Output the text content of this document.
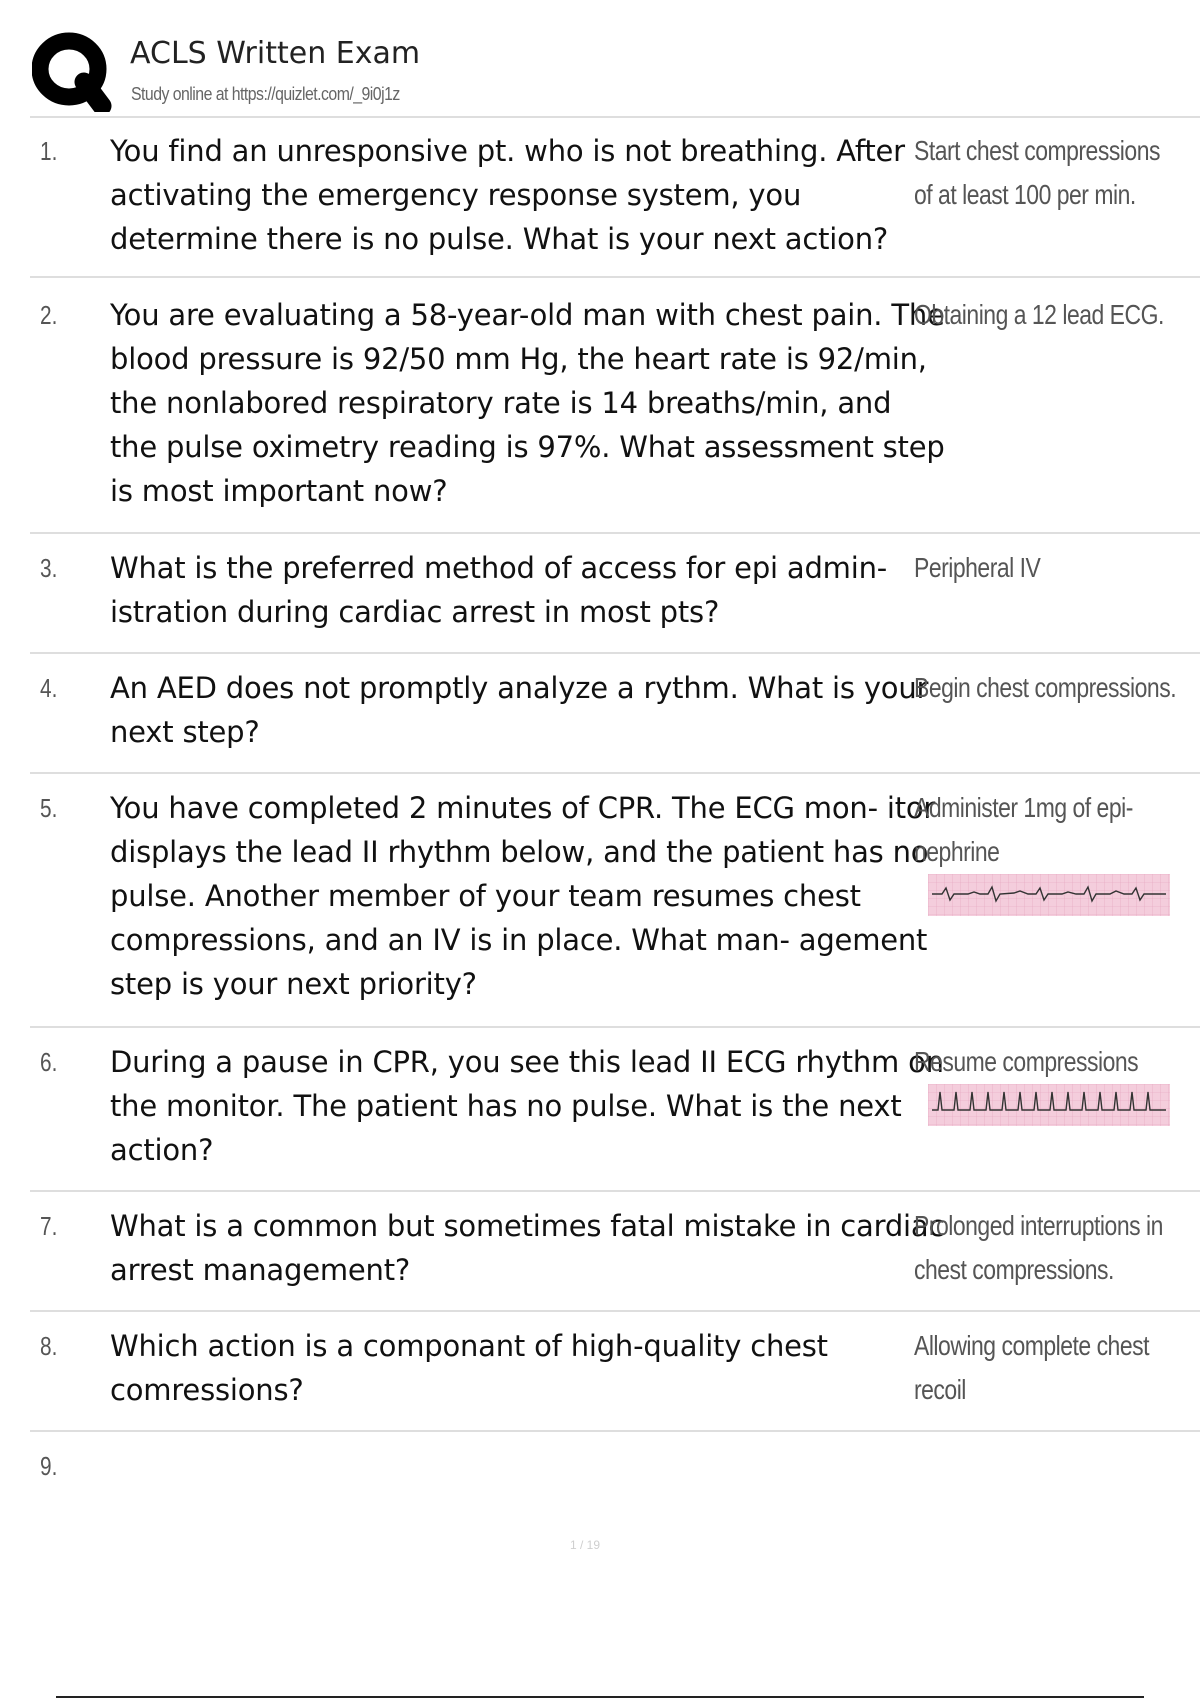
ACLS Written Exam
Study online at https://quizlet.com/_9i0j1z
1. You find an unresponsive pt. who is not breathing. After activating the emergency response system, you determine there is no pulse. What is your next action?
Start chest compressions of at least 100 per min.
2. You are evaluating a 58-year-old man with chest pain. The blood pressure is 92/50 mm Hg, the heart rate is 92/min, the nonlabored respiratory rate is 14 breaths/min, and the pulse oximetry reading is 97%. What assessment step is most important now?
Obtaining a 12 lead ECG.
3. What is the preferred method of access for epi admin- istration during cardiac arrest in most pts?
Peripheral IV
4. An AED does not promptly analyze a rythm. What is your next step?
Begin chest compressions.
5. You have completed 2 minutes of CPR. The ECG mon- itor displays the lead II rhythm below, and the patient has no pulse. Another member of your team resumes chest compressions, and an IV is in place. What man- agement step is your next priority?
Administer 1mg of epi- nephrine
6. During a pause in CPR, you see this lead II ECG rhythm on the monitor. The patient has no pulse. What is the next action?
Resume compressions
7. What is a common but sometimes fatal mistake in cardiac arrest management?
Prolonged interruptions in chest compressions.
8. Which action is a componant of high-quality chest comressions?
Allowing complete chest recoil
9.
1 / 19
